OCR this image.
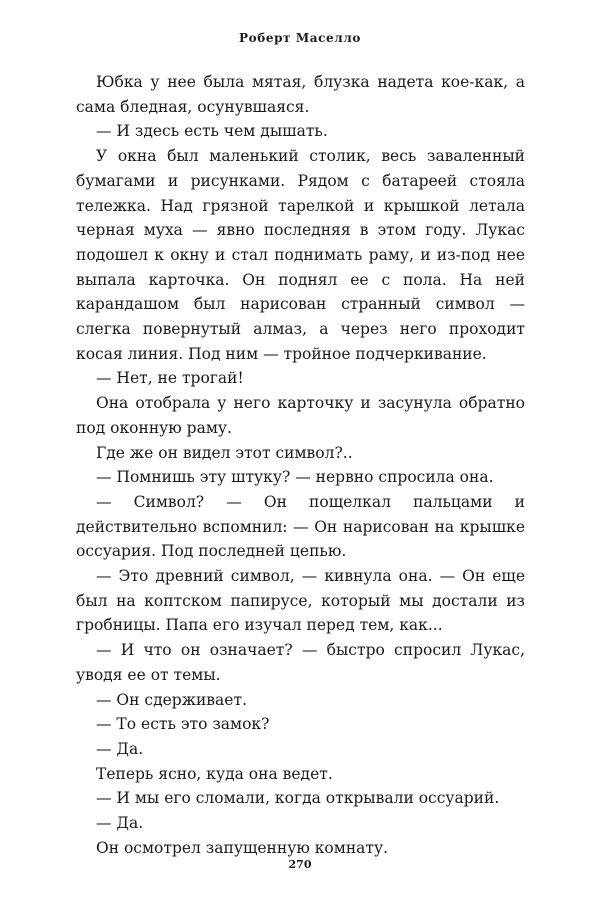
Роберт Маселло

Юбка у нее была мятая, блузка надета кое-как, а сама бледная, осунувшаяся.

— И здесь есть чем дышать.

У окна был маленький столик, весь заваленный бумагами и рисунками. Рядом с батареей стояла тележка. Над грязной тарелкой и крышкой летала черная муха — явно последняя в этом году. Лукас подошел к окну и стал поднимать раму, и из-под нее выпала карточка. Он поднял ее с пола. На ней карандашом был нарисован странный символ — слегка повернутый алмаз, а через него проходит косая линия. Под ним — тройное подчеркивание.

— Нет, не трогай!

Она отобрала у него карточку и засунула обратно под оконную раму.

Где же он видел этот символ?..

— Помнишь эту штуку? — нервно спросила она.

— Символ? — Он пощелкал пальцами и действительно вспомнил: — Он нарисован на крышке оссуария. Под последней цепью.

— Это древний символ, — кивнула она. — Он еще был на коптском папирусе, который мы достали из гробницы. Папа его изучал перед тем, как...

— И что он означает? — быстро спросил Лукас, уводя ее от темы.

— Он сдерживает.

— То есть это замок?

— Да.

Теперь ясно, куда она ведет.

— И мы его сломали, когда открывали оссуарий.

— Да.

Он осмотрел запущенную комнату.

270
